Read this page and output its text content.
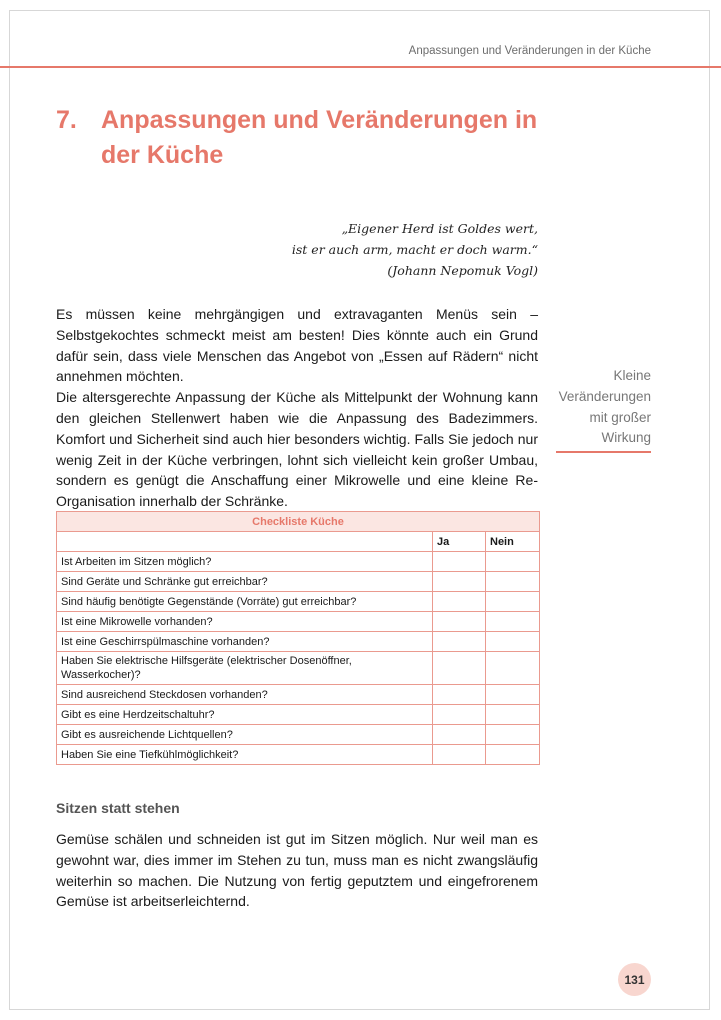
Anpassungen und Veränderungen in der Küche
7. Anpassungen und Veränderungen in der Küche
„Eigener Herd ist Goldes wert,
ist er auch arm, macht er doch warm.“
(Johann Nepomuk Vogl)

Es müssen keine mehrgängigen und extravaganten Menüs sein – Selbstgekochtes schmeckt meist am besten! Dies könnte auch ein Grund dafür sein, dass viele Menschen das Angebot von „Essen auf Rädern“ nicht annehmen möchten.

Die altersgerechte Anpassung der Küche als Mittelpunkt der Wohnung kann den gleichen Stellenwert haben wie die Anpassung des Badezimmers. Komfort und Sicherheit sind auch hier besonders wichtig. Falls Sie jedoch nur wenig Zeit in der Küche verbringen, lohnt sich vielleicht kein großer Umbau, sondern es genügt die Anschaffung einer Mikrowelle und eine kleine Re-Organisation innerhalb der Schränke.

Kleine Veränderungen mit großer Wirkung
Checkliste Küche		
	Ja	Nein
Ist Arbeiten im Sitzen möglich?		
Sind Geräte und Schränke gut erreichbar?		
Sind häufig benötigte Gegenstände (Vorräte) gut erreichbar?		
Ist eine Mikrowelle vorhanden?		
Ist eine Geschirrspülmaschine vorhanden?		
Haben Sie elektrische Hilfsgeräte (elektrischer Dosenöffner, Wasserkocher)?		
Sind ausreichend Steckdosen vorhanden?		
Gibt es eine Herdzeitschaltuhr?		
Gibt es ausreichende Lichtquellen?		
Haben Sie eine Tiefkühlmöglichkeit?		
Sitzen statt stehen

Gemüse schälen und schneiden ist gut im Sitzen möglich. Nur weil man es gewohnt war, dies immer im Stehen zu tun, muss man es nicht zwangsläufig weiterhin so machen. Die Nutzung von fertig geputztem und eingefrorenem Gemüse ist arbeitserleichternd.

131
